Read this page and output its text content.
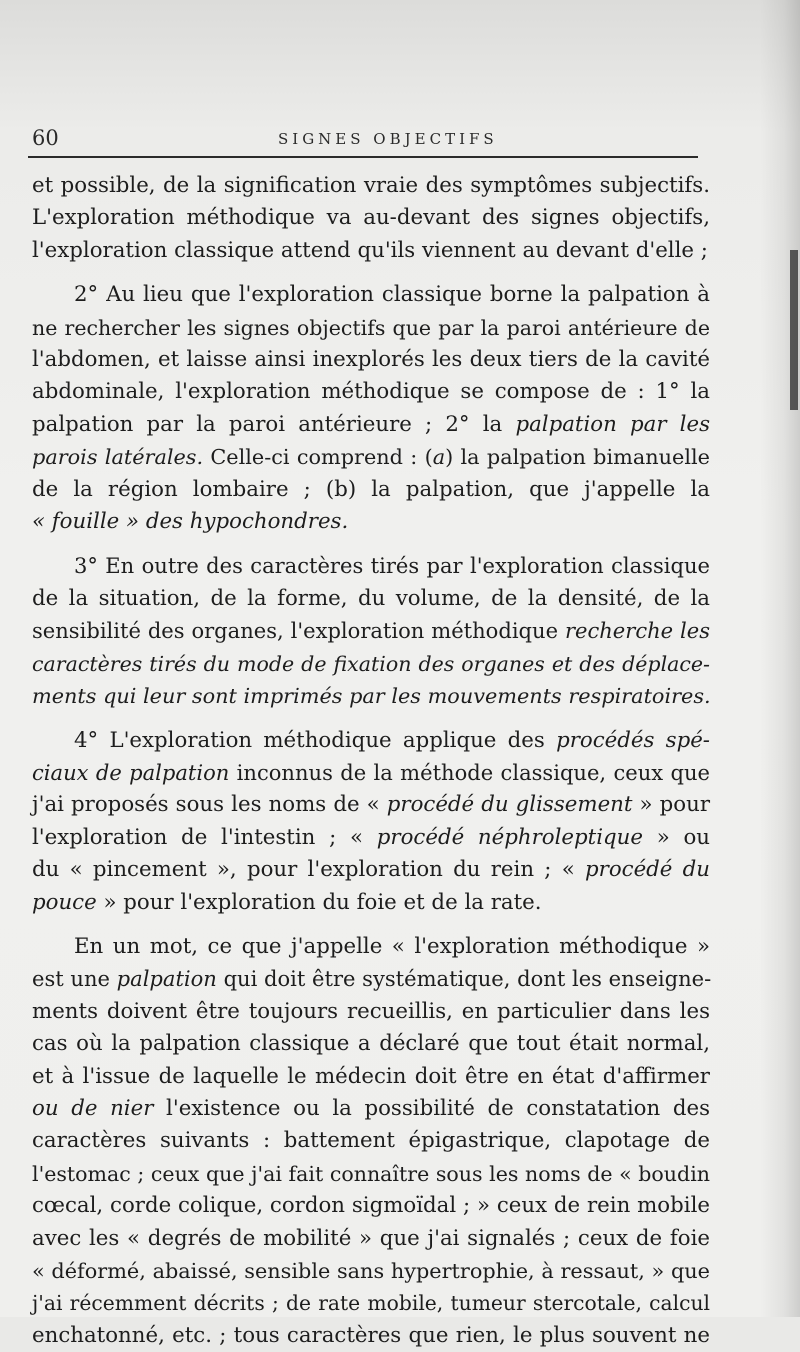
60	SIGNES OBJECTIFS
et possible, de la signification vraie des symptômes subjectifs.
L'exploration méthodique va au-devant des signes objectifs,
l'exploration classique attend qu'ils viennent au devant d'elle ;
2° Au lieu que l'exploration classique borne la palpation à
ne rechercher les signes objectifs que par la paroi antérieure de
l'abdomen, et laisse ainsi inexplorés les deux tiers de la cavité
abdominale, l'exploration méthodique se compose de : 1° la
palpation par la paroi antérieure ; 2° la palpation par les
parois latérales. Celle-ci comprend : (a) la palpation bimanuelle
de la région lombaire ; (b) la palpation, que j'appelle la
« fouille » des hypochondres.
3° En outre des caractères tirés par l'exploration classique
de la situation, de la forme, du volume, de la densité, de la
sensibilité des organes, l'exploration méthodique recherche les
caractères tirés du mode de fixation des organes et des déplace-
ments qui leur sont imprimés par les mouvements respiratoires.
4° L'exploration méthodique applique des procédés spé-
ciaux de palpation inconnus de la méthode classique, ceux que
j'ai proposés sous les noms de « procédé du glissement » pour
l'exploration de l'intestin ; « procédé néphroleptique » ou
du « pincement », pour l'exploration du rein ; « procédé du
pouce » pour l'exploration du foie et de la rate.
En un mot, ce que j'appelle « l'exploration méthodique »
est une palpation qui doit être systématique, dont les enseigne-
ments doivent être toujours recueillis, en particulier dans les
cas où la palpation classique a déclaré que tout était normal,
et à l'issue de laquelle le médecin doit être en état d'affirmer
ou de nier l'existence ou la possibilité de constatation des
caractères suivants : battement épigastrique, clapotage de
l'estomac ; ceux que j'ai fait connaître sous les noms de « boudin
cœcal, corde colique, cordon sigmoïdal ; » ceux de rein mobile
avec les « degrés de mobilité » que j'ai signalés ; ceux de foie
« déformé, abaissé, sensible sans hypertrophie, à ressaut, » que
j'ai récemment décrits ; de rate mobile, tumeur stercotale, calcul
enchatonné, etc. ; tous caractères que rien, le plus souvent ne
